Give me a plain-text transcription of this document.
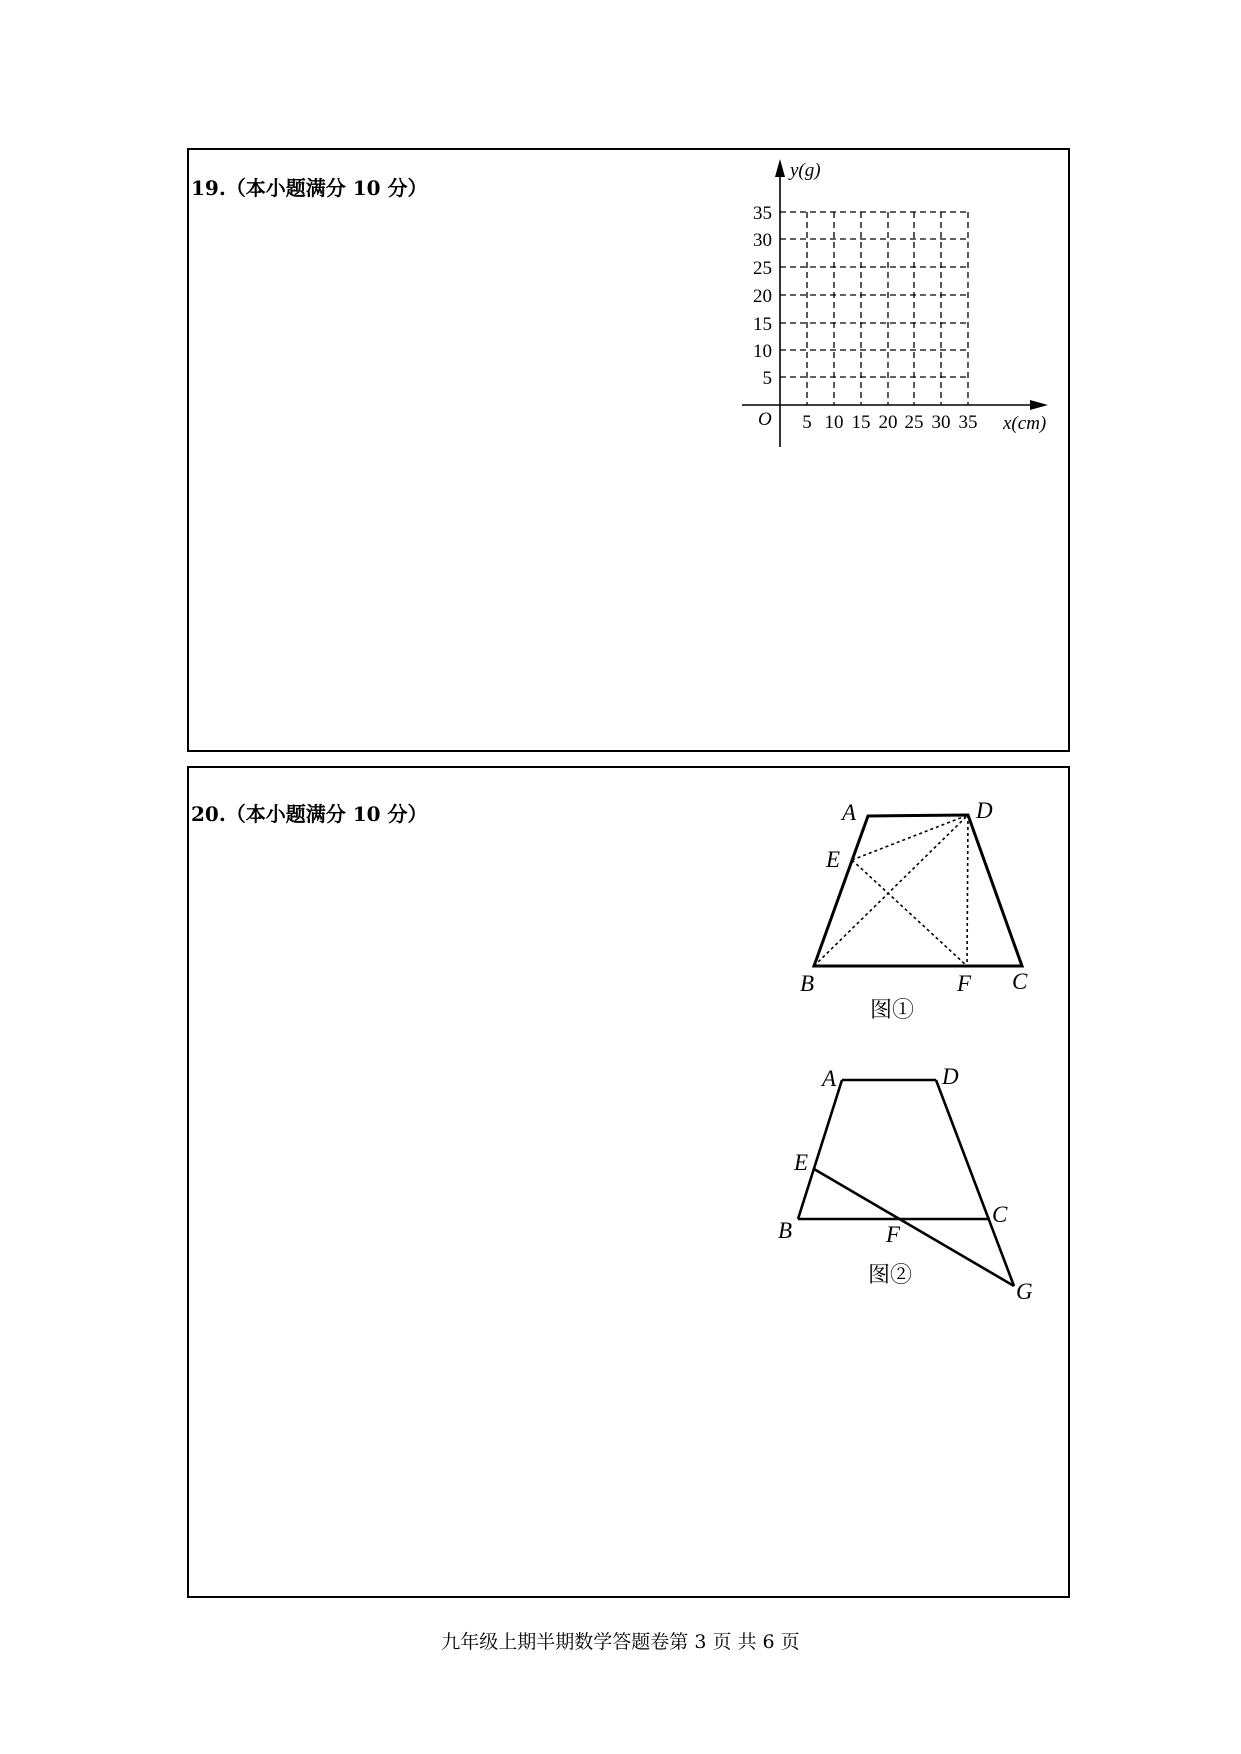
19.（本小题满分 10 分）
y(g)
x(cm)
O
35
30
25
20
15
10
5
5 10 15 20 25 30 35
20.（本小题满分 10 分）	A	D
E
B	F C
图①
A	D
E
B	F
C
G
图②
九年级上期半期数学答题卷第 3 页 共 6 页
